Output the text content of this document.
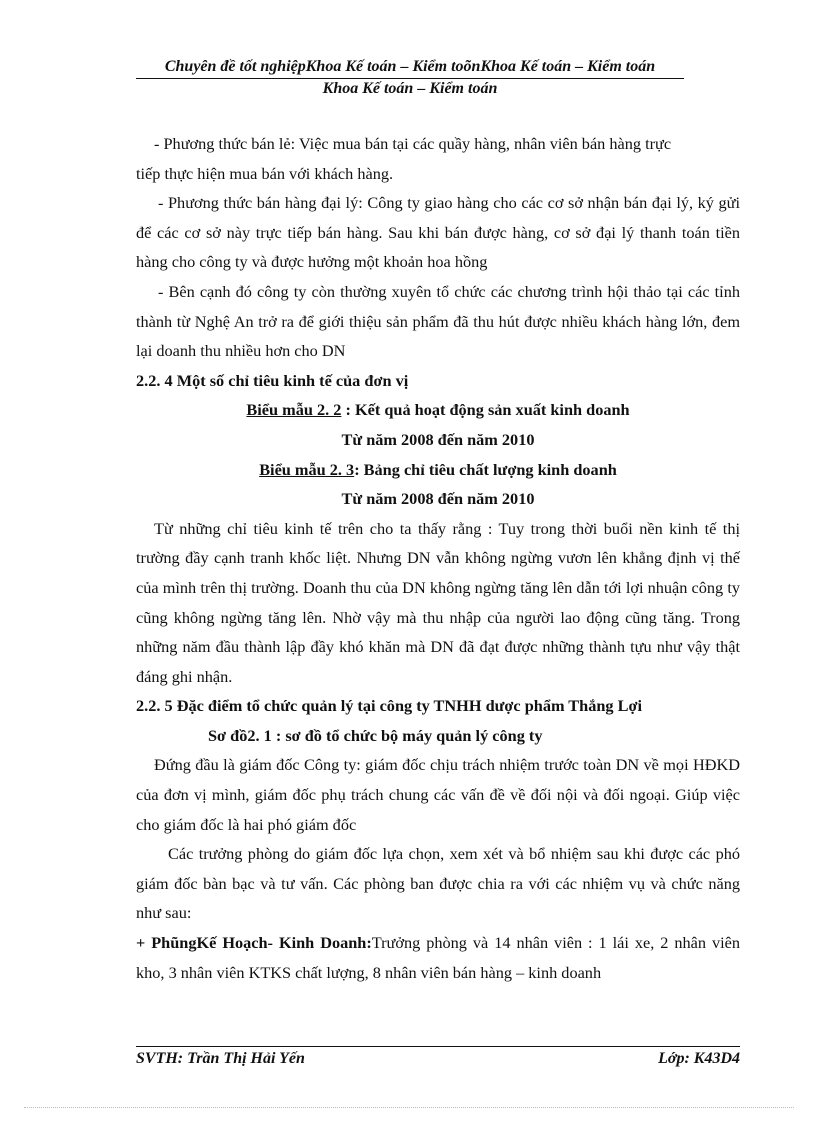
Chuyên đề tốt nghiệpKhoa Kế toán – Kiểm toõnKhoa Kế toán – Kiểm toán
Khoa Kế toán – Kiểm toán

- Phương thức bán lẻ: Việc mua bán tại các quầy hàng, nhân viên bán hàng trực

tiếp thực hiện mua bán với khách hàng.

- Phương thức bán hàng đại lý: Công ty giao hàng cho các cơ sở nhận bán đại lý, ký gửi để các cơ sở này trực tiếp bán hàng. Sau khi bán được hàng, cơ sở đại lý thanh toán tiền hàng cho công ty và được hưởng một khoản hoa hồng

- Bên cạnh đó công ty còn thường xuyên tổ chức các chương trình hội thảo tại các tỉnh thành từ Nghệ An trở ra để giới thiệu sản phẩm đã thu hút được nhiều khách hàng lớn, đem lại doanh thu nhiều hơn cho DN

2.2. 4 Một số chỉ tiêu kinh tế của đơn vị

Biểu mẫu 2. 2 : Kết quả hoạt động sản xuất kinh doanh

Từ năm 2008 đến năm 2010

Biểu mẫu 2. 3: Bảng chỉ tiêu chất lượng kinh doanh

Từ năm 2008 đến năm 2010

Từ những chỉ tiêu kinh tế trên cho ta thấy rằng : Tuy trong thời buổi nền kinh tế thị trường đầy cạnh tranh khốc liệt. Nhưng DN vẫn không ngừng vươn lên khẳng định vị thế của mình trên thị trường. Doanh thu của DN không ngừng tăng lên dẫn tới lợi nhuận công ty cũng không ngừng tăng lên. Nhờ vậy mà thu nhập của người lao động cũng tăng. Trong những năm đầu thành lập đầy khó khăn mà DN đã đạt được những thành tựu như vậy thật đáng ghi nhận.

2.2. 5 Đặc điểm tổ chức quản lý tại công ty TNHH dược phẩm Thắng Lợi

Sơ đồ2. 1 : sơ đồ tổ chức bộ máy quản lý công ty

Đứng đầu là giám đốc Công ty: giám đốc chịu trách nhiệm trước toàn DN về mọi HĐKD của đơn vị mình, giám đốc phụ trách chung các vấn đề về đối nội và đối ngoại. Giúp việc cho giám đốc là hai phó giám đốc

Các trưởng phòng do giám đốc lựa chọn, xem xét và bổ nhiệm sau khi được các phó giám đốc bàn bạc và tư vấn. Các phòng ban được chia ra với các nhiệm vụ và chức năng như sau:

+ PhũngKế Hoạch- Kinh Doanh:Trưởng phòng và 14 nhân viên : 1 lái xe, 2 nhân viên kho, 3 nhân viên KTKS chất lượng, 8 nhân viên bán hàng – kinh doanh

SVTH: Trần Thị Hải Yến	Lớp: K43D4
